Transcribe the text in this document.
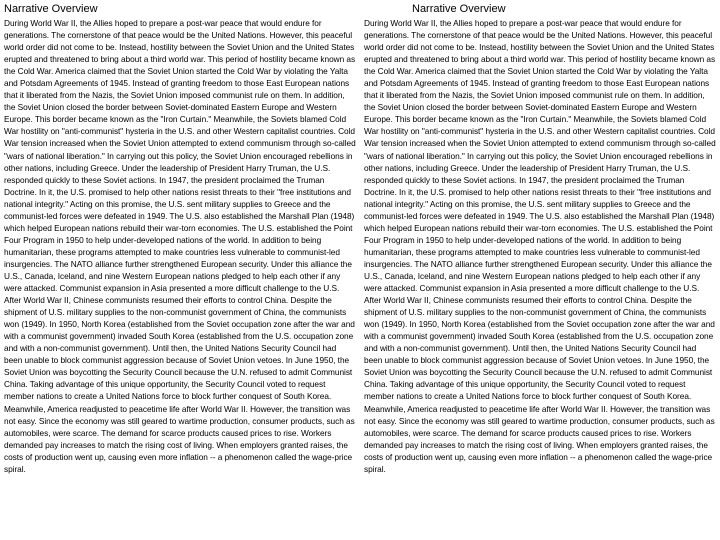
Narrative Overview

During World War II, the Allies hoped to prepare a post-war peace that would endure for generations. The cornerstone of that peace would be the United Nations. However, this peaceful world order did not come to be. Instead, hostility between the Soviet Union and the United States erupted and threatened to bring about a third world war. This period of hostility became known as the Cold War. America claimed that the Soviet Union started the Cold War by violating the Yalta and Potsdam Agreements of 1945. Instead of granting freedom to those East European nations that it liberated from the Nazis, the Soviet Union imposed communist rule on them. In addition, the Soviet Union closed the border between Soviet-dominated Eastern Europe and Western Europe. This border became known as the "Iron Curtain." Meanwhile, the Soviets blamed Cold War hostility on "anti-communist" hysteria in the U.S. and other Western capitalist countries. Cold War tension increased when the Soviet Union attempted to extend communism through so-called "wars of national liberation." In carrying out this policy, the Soviet Union encouraged rebellions in other nations, including Greece. Under the leadership of President Harry Truman, the U.S. responded quickly to these Soviet actions. In 1947, the president proclaimed the Truman Doctrine. In it, the U.S. promised to help other nations resist threats to their "free institutions and national integrity." Acting on this promise, the U.S. sent military supplies to Greece and the communist-led forces were defeated in 1949. The U.S. also established the Marshall Plan (1948) which helped European nations rebuild their war-torn economies. The U.S. established the Point Four Program in 1950 to help under-developed nations of the world. In addition to being humanitarian, these programs attempted to make countries less vulnerable to communist-led insurgencies. The NATO alliance further strengthened European security. Under this alliance the U.S., Canada, Iceland, and nine Western European nations pledged to help each other if any were attacked. Communist expansion in Asia presented a more difficult challenge to the U.S. After World War II, Chinese communists resumed their efforts to control China. Despite the shipment of U.S. military supplies to the non-communist government of China, the communists won (1949). In 1950, North Korea (established from the Soviet occupation zone after the war and with a communist government) invaded South Korea (established from the U.S. occupation zone and with a non-communist government). Until then, the United Nations Security Council had been unable to block communist aggression because of Soviet Union vetoes. In June 1950, the Soviet Union was boycotting the Security Council because the U.N. refused to admit Communist China. Taking advantage of this unique opportunity, the Security Council voted to request member nations to create a United Nations force to block further conquest of South Korea. Meanwhile, America readjusted to peacetime life after World War II. However, the transition was not easy. Since the economy was still geared to wartime production, consumer products, such as automobiles, were scarce. The demand for scarce products caused prices to rise. Workers demanded pay increases to match the rising cost of living. When employers granted raises, the costs of production went up, causing even more inflation -- a phenomenon called the wage-price spiral.

Narrative Overview

During World War II, the Allies hoped to prepare a post-war peace that would endure for generations. The cornerstone of that peace would be the United Nations. However, this peaceful world order did not come to be. Instead, hostility between the Soviet Union and the United States erupted and threatened to bring about a third world war. This period of hostility became known as the Cold War. America claimed that the Soviet Union started the Cold War by violating the Yalta and Potsdam Agreements of 1945. Instead of granting freedom to those East European nations that it liberated from the Nazis, the Soviet Union imposed communist rule on them. In addition, the Soviet Union closed the border between Soviet-dominated Eastern Europe and Western Europe. This border became known as the "Iron Curtain." Meanwhile, the Soviets blamed Cold War hostility on "anti-communist" hysteria in the U.S. and other Western capitalist countries. Cold War tension increased when the Soviet Union attempted to extend communism through so-called "wars of national liberation." In carrying out this policy, the Soviet Union encouraged rebellions in other nations, including Greece. Under the leadership of President Harry Truman, the U.S. responded quickly to these Soviet actions. In 1947, the president proclaimed the Truman Doctrine. In it, the U.S. promised to help other nations resist threats to their "free institutions and national integrity." Acting on this promise, the U.S. sent military supplies to Greece and the communist-led forces were defeated in 1949. The U.S. also established the Marshall Plan (1948) which helped European nations rebuild their war-torn economies. The U.S. established the Point Four Program in 1950 to help under-developed nations of the world. In addition to being humanitarian, these programs attempted to make countries less vulnerable to communist-led insurgencies. The NATO alliance further strengthened European security. Under this alliance the U.S., Canada, Iceland, and nine Western European nations pledged to help each other if any were attacked. Communist expansion in Asia presented a more difficult challenge to the U.S. After World War II, Chinese communists resumed their efforts to control China. Despite the shipment of U.S. military supplies to the non-communist government of China, the communists won (1949). In 1950, North Korea (established from the Soviet occupation zone after the war and with a communist government) invaded South Korea (established from the U.S. occupation zone and with a non-communist government). Until then, the United Nations Security Council had been unable to block communist aggression because of Soviet Union vetoes. In June 1950, the Soviet Union was boycotting the Security Council because the U.N. refused to admit Communist China. Taking advantage of this unique opportunity, the Security Council voted to request member nations to create a United Nations force to block further conquest of South Korea. Meanwhile, America readjusted to peacetime life after World War II. However, the transition was not easy. Since the economy was still geared to wartime production, consumer products, such as automobiles, were scarce. The demand for scarce products caused prices to rise. Workers demanded pay increases to match the rising cost of living. When employers granted raises, the costs of production went up, causing even more inflation -- a phenomenon called the wage-price spiral.
